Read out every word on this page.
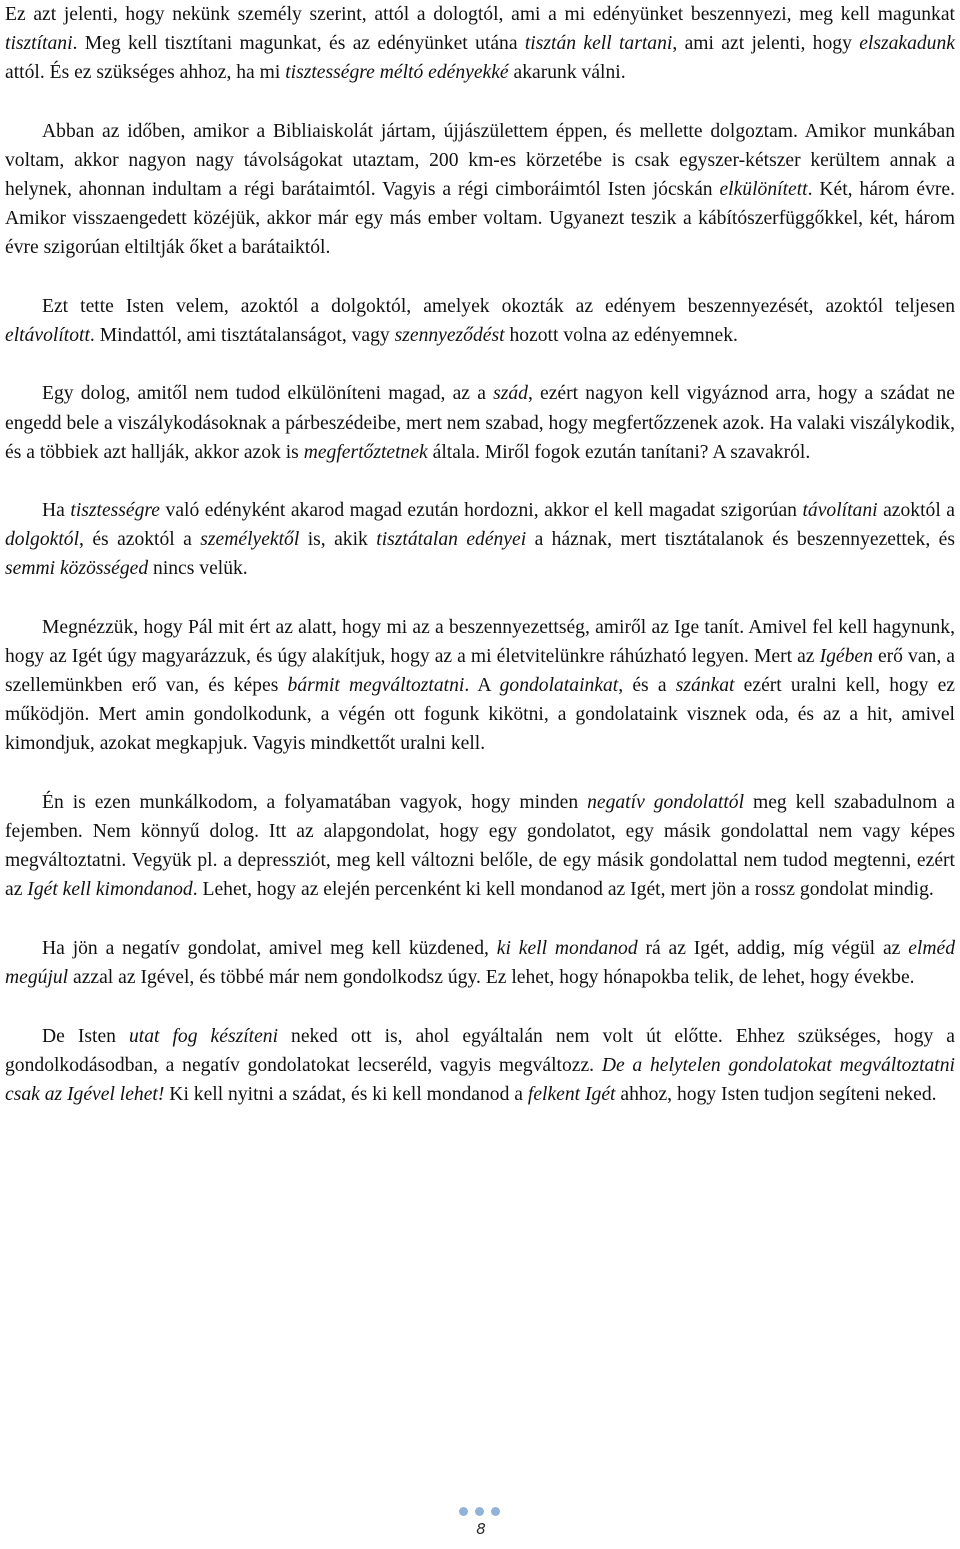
Ez azt jelenti, hogy nekünk személy szerint, attól a dologtól, ami a mi edényünket beszennyezi, meg kell magunkat tisztítani. Meg kell tisztítani magunkat, és az edényünket utána tisztán kell tartani, ami azt jelenti, hogy elszakadunk attól. És ez szükséges ahhoz, ha mi tisztességre méltó edényekké akarunk válni.

Abban az időben, amikor a Bibliaiskolát jártam, újjászülettem éppen, és mellette dolgoztam. Amikor munkában voltam, akkor nagyon nagy távolságokat utaztam, 200 km-es körzetébe is csak egyszer-kétszer kerültem annak a helynek, ahonnan indultam a régi barátaimtól. Vagyis a régi cimboráimtól Isten jócskán elkülönített. Két, három évre. Amikor visszaengedett közéjük, akkor már egy más ember voltam. Ugyanezt teszik a kábítószerfüggőkkel, két, három évre szigorúan eltiltják őket a barátaiktól.

Ezt tette Isten velem, azoktól a dolgoktól, amelyek okozták az edényem beszennyezését, azoktól teljesen eltávolított. Mindattól, ami tisztátalanságot, vagy szennyeződést hozott volna az edényemnek.

Egy dolog, amitől nem tudod elkülöníteni magad, az a szád, ezért nagyon kell vigyáznod arra, hogy a szádat ne engedd bele a viszálykodásoknak a párbeszédeibe, mert nem szabad, hogy megfertőzzenek azok. Ha valaki viszálykodik, és a többiek azt hallják, akkor azok is megfertőztetnek általa. Miről fogok ezután tanítani? A szavakról.

Ha tisztességre való edényként akarod magad ezután hordozni, akkor el kell magadat szigorúan távolítani azoktól a dolgoktól, és azoktól a személyektől is, akik tisztátalan edényei a háznak, mert tisztátalanok és beszennyezettek, és semmi közösséged nincs velük.

Megnézzük, hogy Pál mit ért az alatt, hogy mi az a beszennyezettség, amiről az Ige tanít. Amivel fel kell hagynunk, hogy az Igét úgy magyarázzuk, és úgy alakítjuk, hogy az a mi életvitelünkre ráhúzható legyen. Mert az Igében erő van, a szellemünkben erő van, és képes bármit megváltoztatni. A gondolatainkat, és a szánkat ezért uralni kell, hogy ez működjön. Mert amin gondolkodunk, a végén ott fogunk kikötni, a gondolataink visznek oda, és az a hit, amivel kimondjuk, azokat megkapjuk. Vagyis mindkettőt uralni kell.

Én is ezen munkálkodom, a folyamatában vagyok, hogy minden negatív gondolattól meg kell szabadulnom a fejemben. Nem könnyű dolog. Itt az alapgondolat, hogy egy gondolatot, egy másik gondolattal nem vagy képes megváltoztatni. Vegyük pl. a depressziót, meg kell változni belőle, de egy másik gondolattal nem tudod megtenni, ezért az Igét kell kimondanod. Lehet, hogy az elején percenként ki kell mondanod az Igét, mert jön a rossz gondolat mindig.

Ha jön a negatív gondolat, amivel meg kell küzdened, ki kell mondanod rá az Igét, addig, míg végül az elméd megújul azzal az Igével, és többé már nem gondolkodsz úgy. Ez lehet, hogy hónapokba telik, de lehet, hogy évekbe.

De Isten utat fog készíteni neked ott is, ahol egyáltalán nem volt út előtte. Ehhez szükséges, hogy a gondolkodásodban, a negatív gondolatokat lecseréld, vagyis megváltozz. De a helytelen gondolatokat megváltoztatni csak az Igével lehet! Ki kell nyitni a szádat, és ki kell mondanod a felkent Igét ahhoz, hogy Isten tudjon segíteni neked.

8
